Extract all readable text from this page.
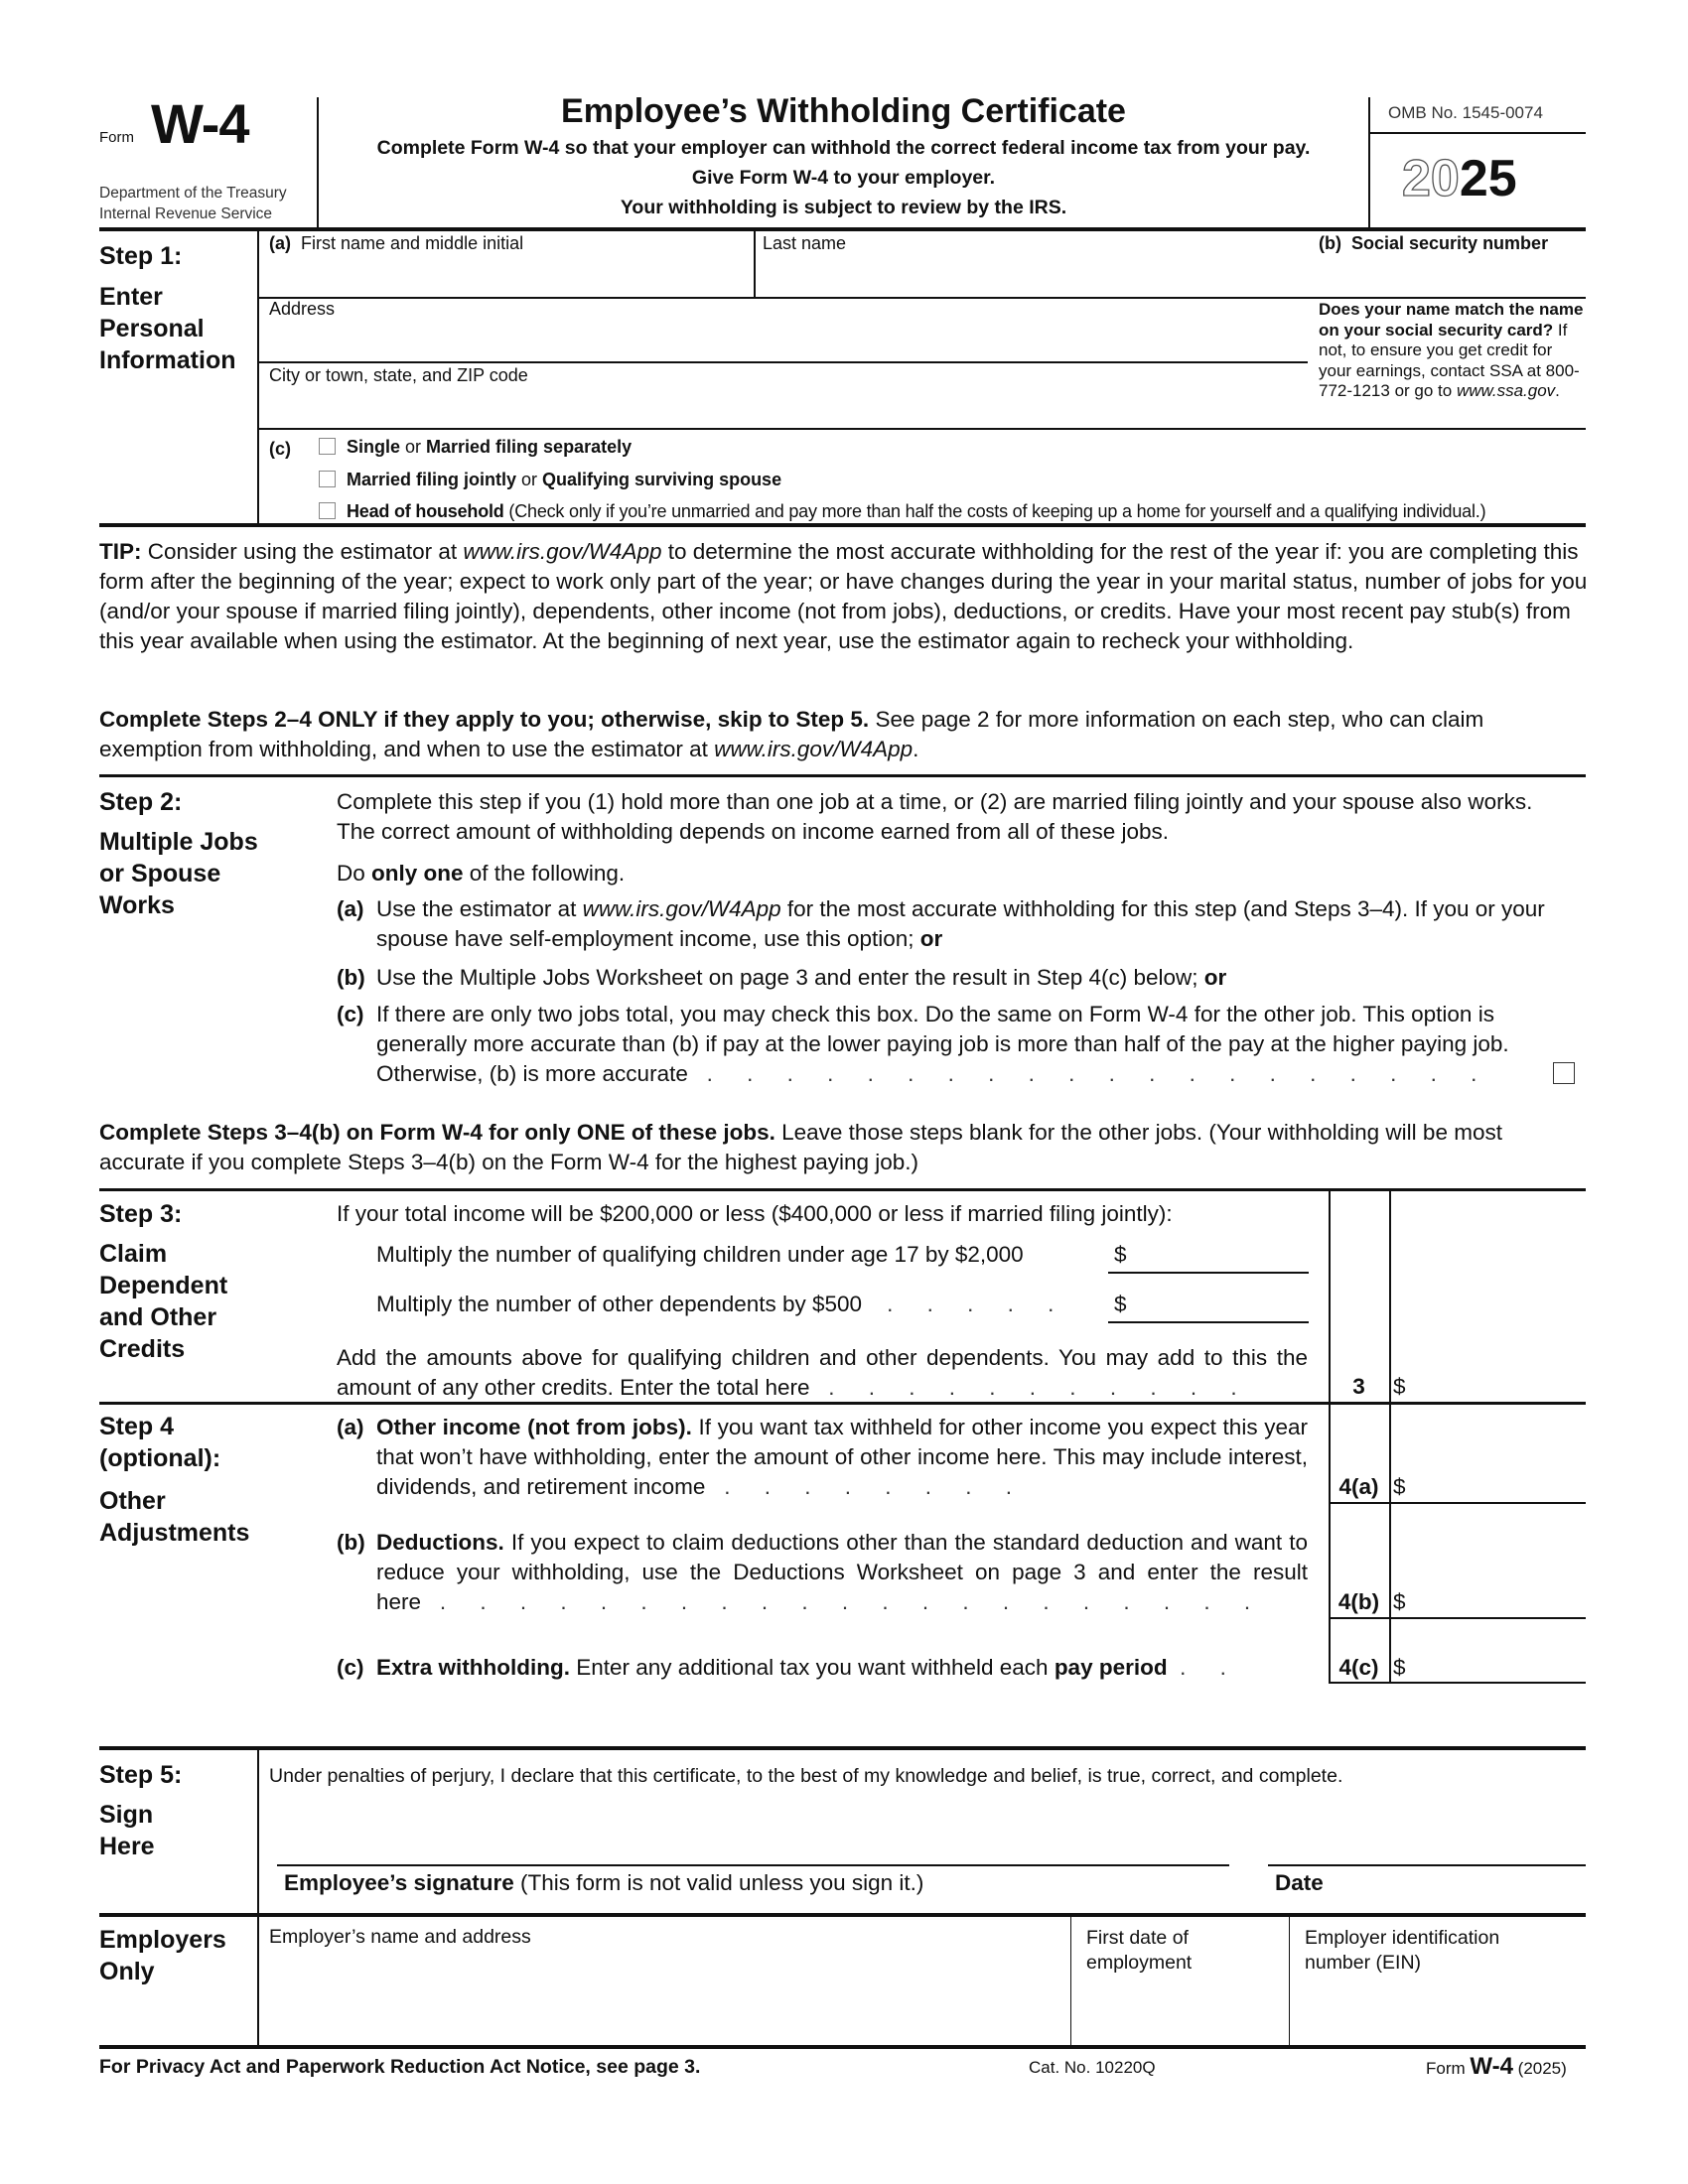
Form W-4
Department of the Treasury
Internal Revenue Service
Employee’s Withholding Certificate
Complete Form W-4 so that your employer can withhold the correct federal income tax from your pay.
Give Form W-4 to your employer.
Your withholding is subject to review by the IRS.
OMB No. 1545-0074
2025
Step 1:
Enter
Personal
Information
(a) First name and middle initial	Last name	(b) Social security number
Address
City or town, state, and ZIP code
Does your name match the name on your social security card? If not, to ensure you get credit for your earnings, contact SSA at 800-772-1213 or go to www.ssa.gov.
(c)	Single or Married filing separately
Married filing jointly or Qualifying surviving spouse
Head of household (Check only if you’re unmarried and pay more than half the costs of keeping up a home for yourself and a qualifying individual.)
TIP: Consider using the estimator at www.irs.gov/W4App to determine the most accurate withholding for the rest of the year if: you are completing this form after the beginning of the year; expect to work only part of the year; or have changes during the year in your marital status, number of jobs for you (and/or your spouse if married filing jointly), dependents, other income (not from jobs), deductions, or credits. Have your most recent pay stub(s) from this year available when using the estimator. At the beginning of next year, use the estimator again to recheck your withholding.
Complete Steps 2–4 ONLY if they apply to you; otherwise, skip to Step 5. See page 2 for more information on each step, who can claim exemption from withholding, and when to use the estimator at www.irs.gov/W4App.
Step 2:
Multiple Jobs
or Spouse
Works
Complete this step if you (1) hold more than one job at a time, or (2) are married filing jointly and your spouse also works. The correct amount of withholding depends on income earned from all of these jobs.
Do only one of the following.
(a) Use the estimator at www.irs.gov/W4App for the most accurate withholding for this step (and Steps 3–4). If you or your spouse have self-employment income, use this option; or
(b) Use the Multiple Jobs Worksheet on page 3 and enter the result in Step 4(c) below; or
(c) If there are only two jobs total, you may check this box. Do the same on Form W-4 for the other job. This option is generally more accurate than (b) if pay at the lower paying job is more than half of the pay at the higher paying job. Otherwise, (b) is more accurate . . . . . . . . . . . . . . . . . . . .
Complete Steps 3–4(b) on Form W-4 for only ONE of these jobs. Leave those steps blank for the other jobs. (Your withholding will be most accurate if you complete Steps 3–4(b) on the Form W-4 for the highest paying job.)
Step 3:
Claim
Dependent
and Other
Credits
If your total income will be $200,000 or less ($400,000 or less if married filing jointly):
Multiply the number of qualifying children under age 17 by $2,000	$
Multiply the number of other dependents by $500 . . . . . $
Add the amounts above for qualifying children and other dependents. You may add to this the amount of any other credits. Enter the total here . . . . . . . . . . .	3	$
Step 4
(optional):
Other
Adjustments
(a) Other income (not from jobs). If you want tax withheld for other income you expect this year that won’t have withholding, enter the amount of other income here. This may include interest, dividends, and retirement income . . . . . . . .	4(a) $
(b) Deductions. If you expect to claim deductions other than the standard deduction and want to reduce your withholding, use the Deductions Worksheet on page 3 and enter the result here . . . . . . . . . . . . . . . . . . . . .	4(b) $
(c) Extra withholding. Enter any additional tax you want withheld each pay period . .	4(c) $
Step 5:
Sign
Here
Under penalties of perjury, I declare that this certificate, to the best of my knowledge and belief, is true, correct, and complete.
Employee’s signature (This form is not valid unless you sign it.)	Date
Employers
Only
Employer’s name and address	First date of employment
Employer identification number (EIN)
For Privacy Act and Paperwork Reduction Act Notice, see page 3.	Cat. No. 10220Q	Form W-4 (2025)
